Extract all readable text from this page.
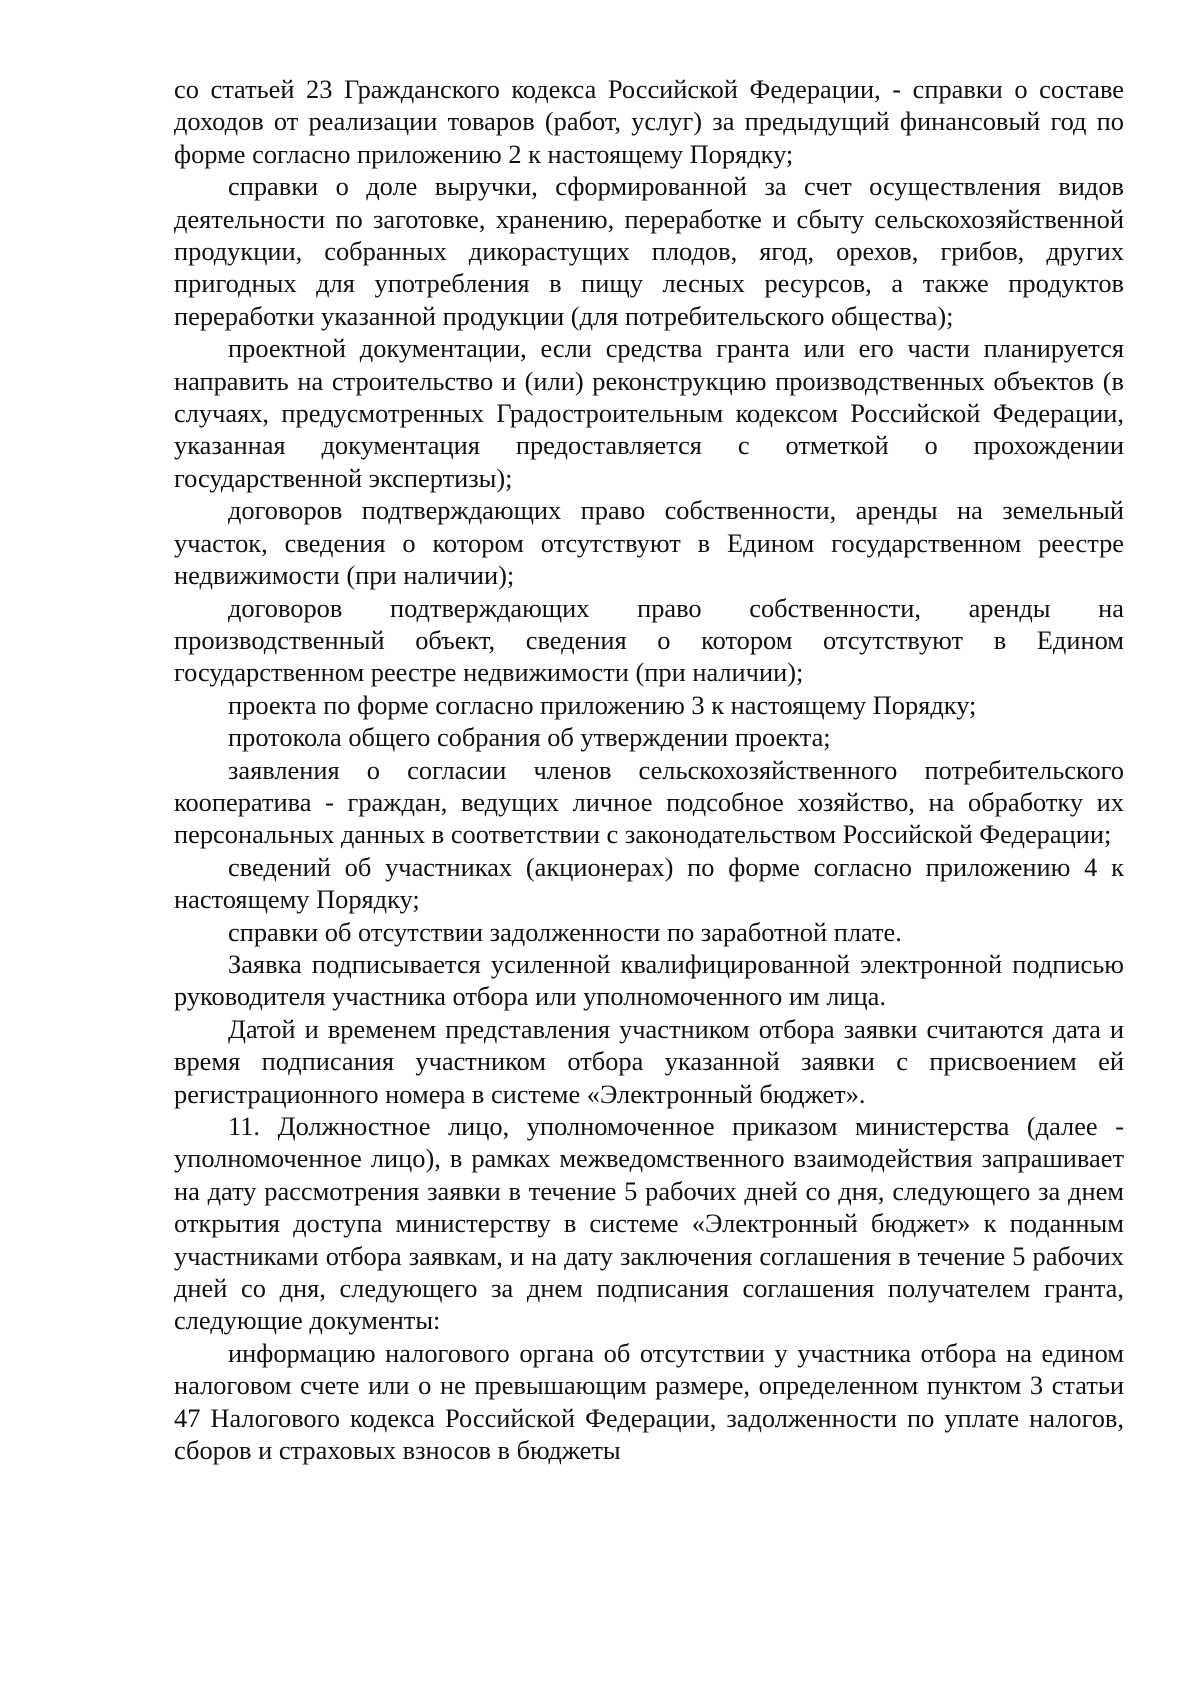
со статьей 23 Гражданского кодекса Российской Федерации, - справки о составе доходов от реализации товаров (работ, услуг) за предыдущий финансовый год по форме согласно приложению 2 к настоящему Порядку;

справки о доле выручки, сформированной за счет осуществления видов деятельности по заготовке, хранению, переработке и сбыту сельскохозяйственной продукции, собранных дикорастущих плодов, ягод, орехов, грибов, других пригодных для употребления в пищу лесных ресурсов, а также продуктов переработки указанной продукции (для потребительского общества);

проектной документации, если средства гранта или его части планируется направить на строительство и (или) реконструкцию производственных объектов (в случаях, предусмотренных Градостроительным кодексом Российской Федерации, указанная документация предоставляется с отметкой о прохождении государственной экспертизы);

договоров подтверждающих право собственности, аренды на земельный участок, сведения о котором отсутствуют в Едином государственном реестре недвижимости (при наличии);

договоров подтверждающих право собственности, аренды на производственный объект, сведения о котором отсутствуют в Едином государственном реестре недвижимости (при наличии);

проекта по форме согласно приложению 3 к настоящему Порядку;

протокола общего собрания об утверждении проекта;

заявления о согласии членов сельскохозяйственного потребительского кооператива - граждан, ведущих личное подсобное хозяйство, на обработку их персональных данных в соответствии с законодательством Российской Федерации;

сведений об участниках (акционерах) по форме согласно приложению 4 к настоящему Порядку;

справки об отсутствии задолженности по заработной плате.

Заявка подписывается усиленной квалифицированной электронной подписью руководителя участника отбора или уполномоченного им лица.

Датой и временем представления участником отбора заявки считаются дата и время подписания участником отбора указанной заявки с присвоением ей регистрационного номера в системе «Электронный бюджет».

11. Должностное лицо, уполномоченное приказом министерства (далее - уполномоченное лицо), в рамках межведомственного взаимодействия запрашивает на дату рассмотрения заявки в течение 5 рабочих дней со дня, следующего за днем открытия доступа министерству в системе «Электронный бюджет» к поданным участниками отбора заявкам, и на дату заключения соглашения в течение 5 рабочих дней со дня, следующего за днем подписания соглашения получателем гранта, следующие документы:

информацию налогового органа об отсутствии у участника отбора на едином налоговом счете или о не превышающим размере, определенном пунктом 3 статьи 47 Налогового кодекса Российской Федерации, задолженности по уплате налогов, сборов и страховых взносов в бюджеты
